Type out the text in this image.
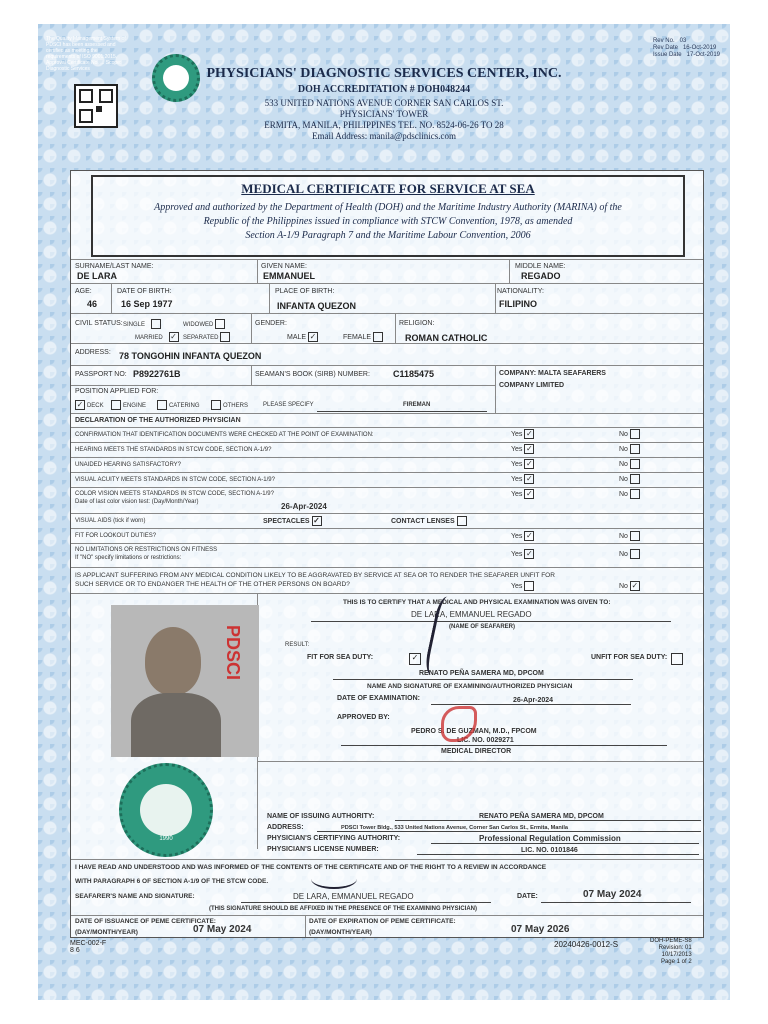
The Quality Management System of PDSCI has been assessed and certified as meeting the requirements of ISO 9001:2015. Approval Certificate No. ... Scope: Diagnostic Services
Rev No. 03
Rev Date 16-Oct-2019
Issue Date 17-Oct-2019
PHYSICIANS' DIAGNOSTIC SERVICES CENTER, INC.
DOH ACCREDITATION # DOH048244
533 UNITED NATIONS AVENUE CORNER SAN CARLOS ST.
PHYSICIANS' TOWER
ERMITA, MANILA, PHILIPPINES TEL. NO. 8524-06-26 TO 28
Email Address: manila@pdsclinics.com
MEDICAL CERTIFICATE FOR SERVICE AT SEA
Approved and authorized by the Department of Health (DOH) and the Maritime Industry Authority (MARINA) of the
Republic of the Philippines issued in compliance with STCW Convention, 1978, as amended
Section A-1/9 Paragraph 7 and the Maritime Labour Convention, 2006
SURNAME/LAST NAME:
DE LARA
GIVEN NAME:
EMMANUEL
MIDDLE NAME:
REGADO
AGE:
46
DATE OF BIRTH:
16 Sep 1977
PLACE OF BIRTH:
INFANTA QUEZON
NATIONALITY:
FILIPINO
CIVIL STATUS: SINGLE	WIDOWED
MARRIED ✓ SEPARATED
GENDER:
MALE ✓	FEMALE
RELIGION:
ROMAN CATHOLIC
ADDRESS: 78 TONGOHIN INFANTA QUEZON
PASSPORT NO: P8922761B	SEAMAN'S BOOK (SIRB) NUMBER:	C1185475	COMPANY: MALTA SEAFARERS
COMPANY LIMITED
POSITION APPLIED FOR:
✓ DECK	ENGINE	CATERING	OTHERS	PLEASE SPECIFY	FIREMAN
DECLARATION OF THE AUTHORIZED PHYSICIAN
CONFIRMATION THAT IDENTIFICATION DOCUMENTS WERE CHECKED AT THE POINT OF EXAMINATION:	Yes ✓	No
HEARING MEETS THE STANDARDS IN STCW CODE, SECTION A-1/9?	Yes ✓	No
UNAIDED HEARING SATISFACTORY?	Yes ✓	No
VISUAL ACUITY MEETS STANDARDS IN STCW CODE, SECTION A-1/9?	Yes ✓	No
COLOR VISION MEETS STANDARDS IN STCW CODE, SECTION A-1/9?
Date of last color vision test: (Day/Month/Year)	26-Apr-2024
Yes ✓	No
VISUAL AIDS (tick if worn)	SPECTACLES ✓	CONTACT LENSES
FIT FOR LOOKOUT DUTIES?	Yes ✓	No
NO LIMITATIONS OR RESTRICTIONS ON FITNESS
If "NO" specify limitations or restrictions:
Yes ✓	No
IS APPLICANT SUFFERING FROM ANY MEDICAL CONDITION LIKELY TO BE AGGRAVATED BY SERVICE AT SEA OR TO RENDER THE SEAFARER UNFIT FOR
SUCH SERVICE OR TO ENDANGER THE HEALTH OF THE OTHER PERSONS ON BOARD?	Yes	No ✓
PDSCI
THIS IS TO CERTIFY THAT A MEDICAL AND PHYSICAL EXAMINATION WAS GIVEN TO:
DE LARA, EMMANUEL REGADO
(NAME OF SEAFARER)
RESULT:
FIT FOR SEA DUTY:	✓	UNFIT FOR SEA DUTY:
RENATO PEÑA SAMERA MD, DPCOM
NAME AND SIGNATURE OF EXAMINING/AUTHORIZED PHYSICIAN
DATE OF EXAMINATION:	26-Apr-2024
APPROVED BY:
PEDRO S. DE GUZMAN, M.D., FPCOM
LIC. NO. 0029271
MEDICAL DIRECTOR
1990
NAME OF ISSUING AUTHORITY:	RENATO PEÑA SAMERA MD, DPCOM
ADDRESS:	PDSCI Tower Bldg., 533 United Nations Avenue, Corner San Carlos St., Ermita, Manila
PHYSICIAN'S CERTIFYING AUTHORITY:	Professional Regulation Commission
PHYSICIAN'S LICENSE NUMBER:	LIC. NO. 0101846
I HAVE READ AND UNDERSTOOD AND WAS INFORMED OF THE CONTENTS OF THE CERTIFICATE AND OF THE RIGHT TO A REVIEW IN ACCORDANCE
WITH PARAGRAPH 6 OF SECTION A-1/9 OF THE STCW CODE.
SEAFARER'S NAME AND SIGNATURE:	DE LARA, EMMANUEL REGADO	DATE:	07 May 2024
(THIS SIGNATURE SHOULD BE AFFIXED IN THE PRESENCE OF THE EXAMINING PHYSICIAN)
DATE OF ISSUANCE OF PEME CERTIFICATE:
(DAY/MONTH/YEAR)	07 May 2024
DATE OF EXPIRATION OF PEME CERTIFICATE:
(DAY/MONTH/YEAR)	07 May 2026
MEC-002-F
8 6
20240426-0012-S	DOH-PEME-S8
Revision: 01
10/17/2013
Page 1 of 2
